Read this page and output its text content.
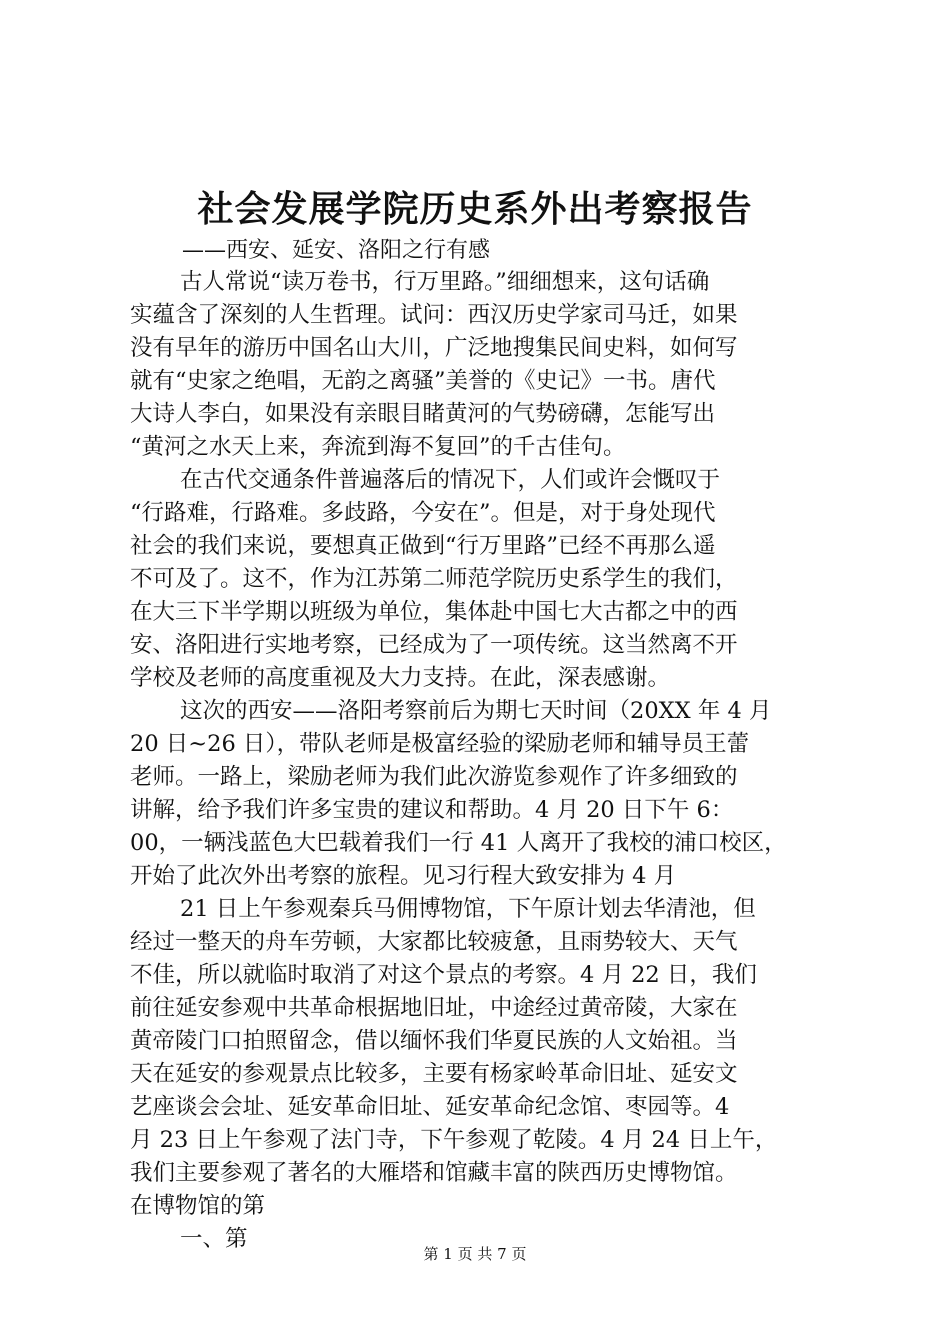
社会发展学院历史系外出考察报告
——西安、延安、洛阳之行有感
古人常说“读万卷书，行万里路。”细细想来，这句话确
实蕴含了深刻的人生哲理。试问：西汉历史学家司马迁，如果
没有早年的游历中国名山大川，广泛地搜集民间史料，如何写
就有“史家之绝唱，无韵之离骚”美誉的《史记》一书。唐代
大诗人李白，如果没有亲眼目睹黄河的气势磅礴，怎能写出
“黄河之水天上来，奔流到海不复回”的千古佳句。
在古代交通条件普遍落后的情况下，人们或许会慨叹于
“行路难，行路难。多歧路，今安在”。但是，对于身处现代
社会的我们来说，要想真正做到“行万里路”已经不再那么遥
不可及了。这不，作为江苏第二师范学院历史系学生的我们，
在大三下半学期以班级为单位，集体赴中国七大古都之中的西
安、洛阳进行实地考察，已经成为了一项传统。这当然离不开
学校及老师的高度重视及大力支持。在此，深表感谢。
这次的西安——洛阳考察前后为期七天时间（20XX 年 4 月
20 日~26 日），带队老师是极富经验的梁励老师和辅导员王蕾
老师。一路上，梁励老师为我们此次游览参观作了许多细致的
讲解，给予我们许多宝贵的建议和帮助。4 月 20 日下午 6：
00，一辆浅蓝色大巴载着我们一行 41 人离开了我校的浦口校区，
开始了此次外出考察的旅程。见习行程大致安排为 4 月
21 日上午参观秦兵马佣博物馆，下午原计划去华清池，但
经过一整天的舟车劳顿，大家都比较疲惫，且雨势较大、天气
不佳，所以就临时取消了对这个景点的考察。4 月 22 日，我们
前往延安参观中共革命根据地旧址，中途经过黄帝陵，大家在
黄帝陵门口拍照留念，借以缅怀我们华夏民族的人文始祖。当
天在延安的参观景点比较多，主要有杨家岭革命旧址、延安文
艺座谈会会址、延安革命旧址、延安革命纪念馆、枣园等。4
月 23 日上午参观了法门寺，下午参观了乾陵。4 月 24 日上午，
我们主要参观了著名的大雁塔和馆藏丰富的陕西历史博物馆。
在博物馆的第
一、第
第 1 页 共 7 页
